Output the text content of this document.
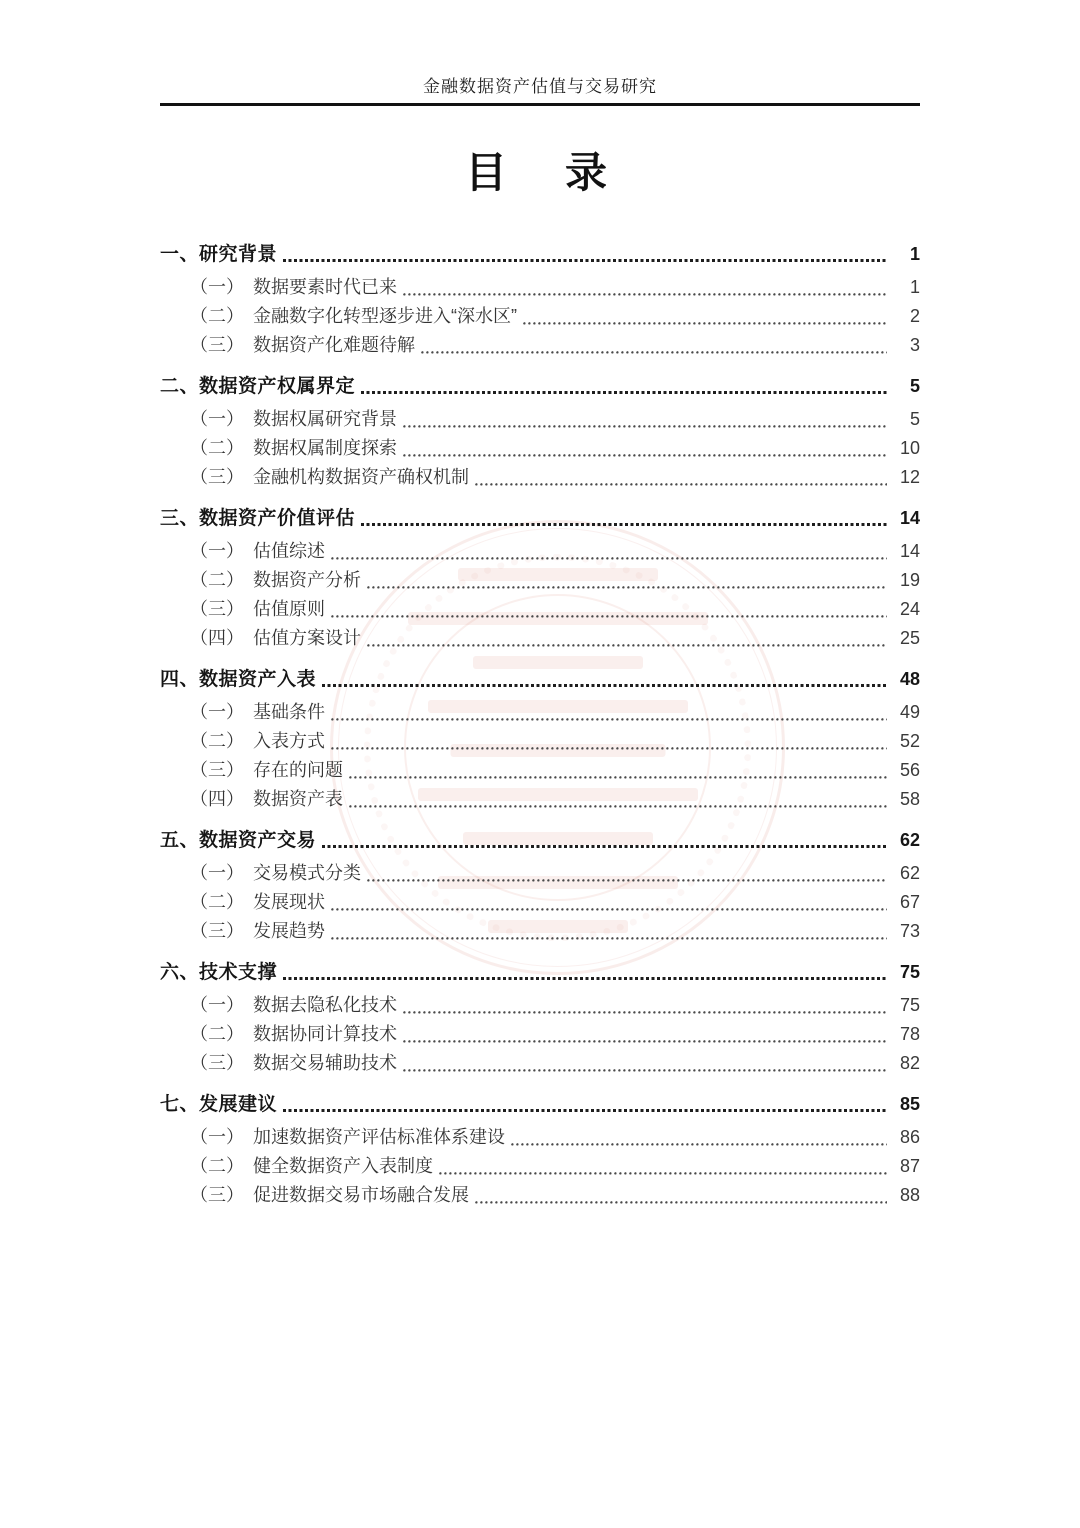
金融数据资产估值与交易研究
目　录
一、研究背景	1
（一） 数据要素时代已来	1
（二） 金融数字化转型逐步进入“深水区”	2
（三） 数据资产化难题待解	3
二、数据资产权属界定	5
（一） 数据权属研究背景	5
（二） 数据权属制度探索	10
（三） 金融机构数据资产确权机制	12
三、数据资产价值评估	14
（一） 估值综述	14
（二） 数据资产分析	19
（三） 估值原则	24
（四） 估值方案设计	25
四、数据资产入表	48
（一） 基础条件	49
（二） 入表方式	52
（三） 存在的问题	56
（四） 数据资产表	58
五、数据资产交易	62
（一） 交易模式分类	62
（二） 发展现状	67
（三） 发展趋势	73
六、技术支撑	75
（一） 数据去隐私化技术	75
（二） 数据协同计算技术	78
（三） 数据交易辅助技术	82
七、发展建议	85
（一） 加速数据资产评估标准体系建设	86
（二） 健全数据资产入表制度	87
（三） 促进数据交易市场融合发展	88
